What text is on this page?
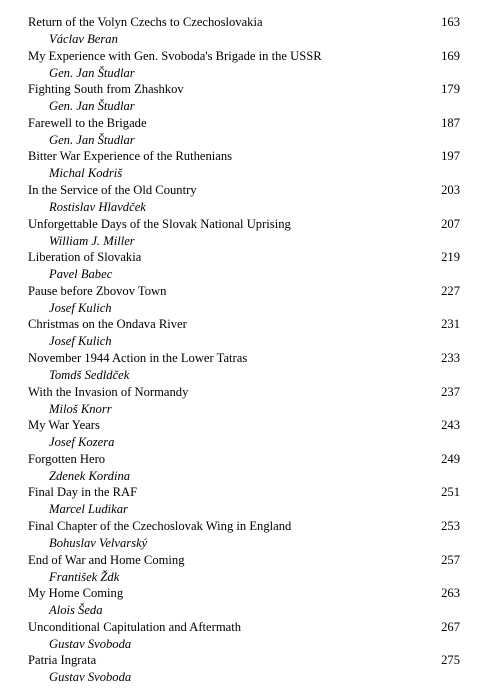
Return of the Volyn Czechs to Czechoslovakia	163
Václav Beran
My Experience with Gen. Svoboda's Brigade in the USSR	169
Gen. Jan Študlar
Fighting South from Zhashkov	179
Gen. Jan Študlar
Farewell to the Brigade	187
Gen. Jan Študlar
Bitter War Experience of the Ruthenians	197
Michal Kodriš
In the Service of the Old Country	203
Rostislav Hlavdček
Unforgettable Days of the Slovak National Uprising	207
William J. Miller
Liberation of Slovakia	219
Pavel Babec
Pause before Zbovov Town	227
Josef Kulich
Christmas on the Ondava River	231
Josef Kulich
November 1944 Action in the Lower Tatras	233
Tomdš Sedldček
With the Invasion of Normandy	237
Miloš Knorr
My War Years	243
Josef Kozera
Forgotten Hero	249
Zdenek Kordina
Final Day in the RAF	251
Marcel Ludikar
Final Chapter of the Czechoslovak Wing in England	253
Bohuslav Velvarský
End of War and Home Coming	257
František Ždk
My Home Coming	263
Alois Šeda
Unconditional Capitulation and Aftermath	267
Gustav Svoboda
Patria Ingrata	275
Gustav Svoboda
